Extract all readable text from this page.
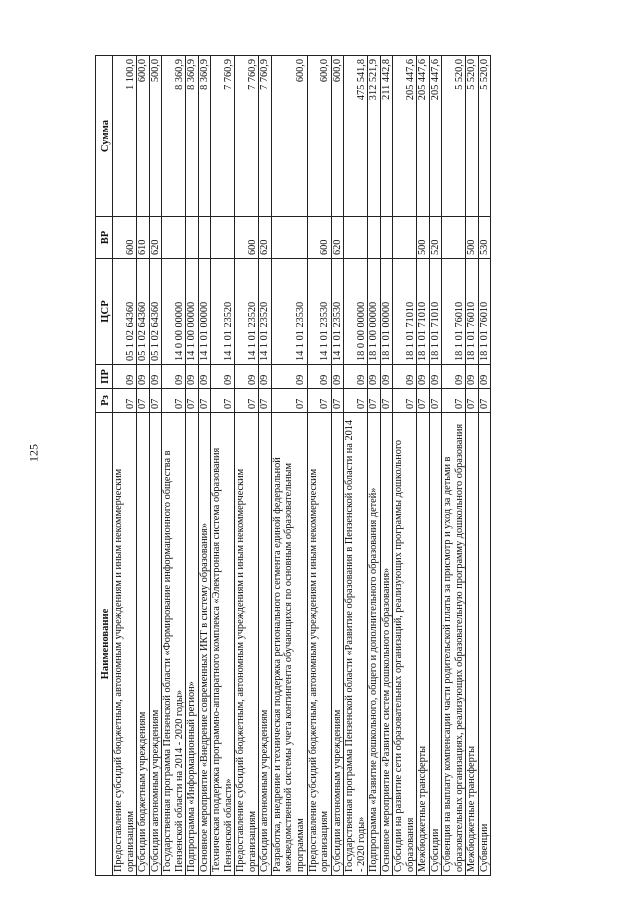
125
Наименование	Рз	ПР	ЦСР	ВР	Сумма
Предоставление субсидий бюджетным, автономным учреждениям и иным некоммерческим организациям	07	09	05 1 02 64360	600	1 100,0
Субсидии бюджетным учреждениям	07	09	05 1 02 64360	610	600,0
Субсидии автономным учреждениям	07	09	05 1 02 64360	620	500,0
Государственная программа Пензенской области «Формирование информационного общества в Пензенской области на 2014 - 2020 годы»	07	09	14 0 00 00000		8 360,9
Подпрограмма «Информационный регион»	07	09	14 1 00 00000		8 360,9
Основное мероприятие «Внедрение современных ИКТ в систему образования»	07	09	14 1 01 00000		8 360,9
Техническая поддержка программно-аппаратного комплекса «Электронная система образования Пензенской области»	07	09	14 1 01 23520		7 760,9
Предоставление субсидий бюджетным, автономным учреждениям и иным некоммерческим организациям	07	09	14 1 01 23520	600	7 760,9
Субсидии автономным учреждениям	07	09	14 1 01 23520	620	7 760,9
Разработка, внедрение и техническая поддержка регионального сегмента единой федеральной межведомственной системы учета контингента обучающихся по основным образовательным программам	07	09	14 1 01 23530		600,0
Предоставление субсидий бюджетным, автономным учреждениям и иным некоммерческим организациям	07	09	14 1 01 23530	600	600,0
Субсидии автономным учреждениям	07	09	14 1 01 23530	620	600,0
Государственная программа Пензенской области «Развитие образования в Пензенской области на 2014 - 2020 годы»	07	09	18 0 00 00000		475 541,8
Подпрограмма «Развитие дошкольного, общего и дополнительного образования детей»	07	09	18 1 00 00000		312 521,9
Основное мероприятие «Развитие систем дошкольного образования»	07	09	18 1 01 00000		211 442,8
Субсидии на развитие сети образовательных организаций, реализующих программы дошкольного образования	07	09	18 1 01 71010		205 447,6
Межбюджетные трансферты	07	09	18 1 01 71010	500	205 447,6
Субсидии	07	09	18 1 01 71010	520	205 447,6
Субвенция на выплату компенсации части родительской платы за присмотр и уход за детьми в образовательных организациях, реализующих образовательную программу дошкольного образования	07	09	18 1 01 76010		5 520,0
Межбюджетные трансферты	07	09	18 1 01 76010	500	5 520,0
Субвенции	07	09	18 1 01 76010	530	5 520,0
